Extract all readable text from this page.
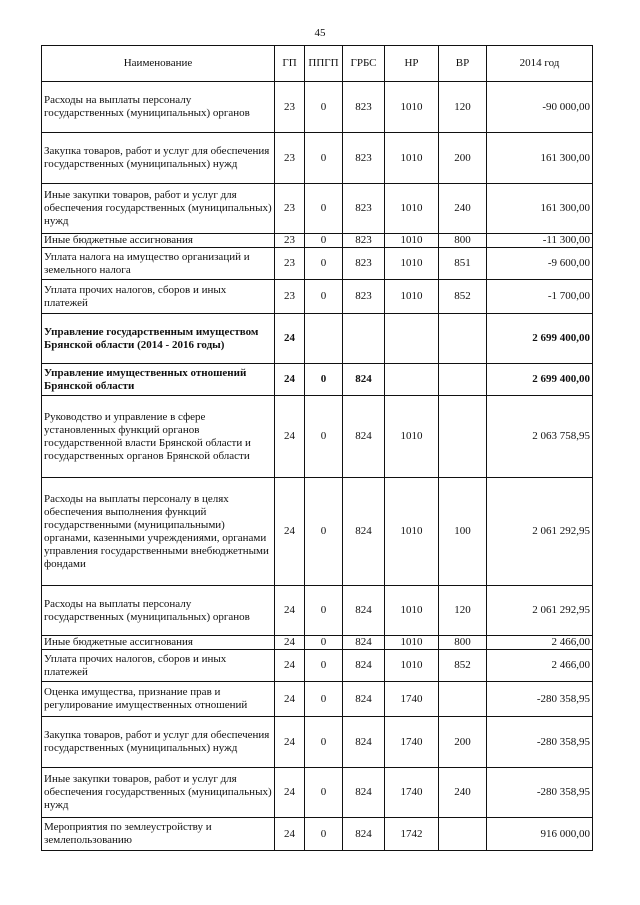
45
Наименование	ГП	ППГП	ГРБС	НР	ВР	2014 год
Расходы на выплаты персоналу государственных (муниципальных) органов	23	0	823	1010	120	-90 000,00
Закупка товаров, работ и услуг для обеспечения государственных (муниципальных) нужд	23	0	823	1010	200	161 300,00
Иные закупки товаров, работ и услуг для обеспечения государственных (муниципальных) нужд	23	0	823	1010	240	161 300,00
Иные бюджетные ассигнования	23	0	823	1010	800	-11 300,00
Уплата налога на имущество организаций и земельного налога	23	0	823	1010	851	-9 600,00
Уплата прочих налогов, сборов и иных платежей	23	0	823	1010	852	-1 700,00
Управление государственным имуществом Брянской области (2014 - 2016 годы)	24					2 699 400,00
Управление имущественных отношений Брянской области	24	0	824			2 699 400,00
Руководство и управление в сфере установленных функций органов государственной власти Брянской области и государственных органов Брянской области	24	0	824	1010		2 063 758,95
Расходы на выплаты персоналу в целях обеспечения выполнения функций государственными (муниципальными) органами, казенными учреждениями, органами управления государственными внебюджетными фондами	24	0	824	1010	100	2 061 292,95
Расходы на выплаты персоналу государственных (муниципальных) органов	24	0	824	1010	120	2 061 292,95
Иные бюджетные ассигнования	24	0	824	1010	800	2 466,00
Уплата прочих налогов, сборов и иных платежей	24	0	824	1010	852	2 466,00
Оценка имущества, признание прав и регулирование имущественных отношений	24	0	824	1740		-280 358,95
Закупка товаров, работ и услуг для обеспечения государственных (муниципальных) нужд	24	0	824	1740	200	-280 358,95
Иные закупки товаров, работ и услуг для обеспечения государственных (муниципальных) нужд	24	0	824	1740	240	-280 358,95
Мероприятия по землеустройству и землепользованию	24	0	824	1742		916 000,00
